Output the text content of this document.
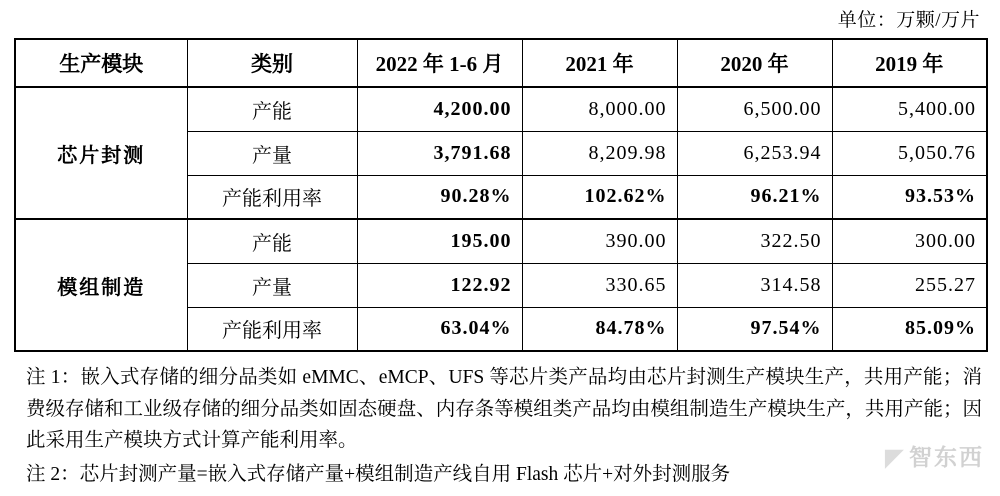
单位：万颗/万片
生产模块	类别	2022 年 1-6 月	2021 年	2020 年	2019 年
芯片封测	产能	4,200.00	8,000.00	6,500.00	5,400.00
	产量	3,791.68	8,209.98	6,253.94	5,050.76
	产能利用率	90.28%	102.62%	96.21%	93.53%
模组制造	产能	195.00	390.00	322.50	300.00
	产量	122.92	330.65	314.58	255.27
	产能利用率	63.04%	84.78%	97.54%	85.09%

注 1：嵌入式存储的细分品类如 eMMC、eMCP、UFS 等芯片类产品均由芯片封测生产模块生产，共用产能；消费级存储和工业级存储的细分品类如固态硬盘、内存条等模组类产品均由模组制造生产模块生产，共用产能；因此采用生产模块方式计算产能利用率。

注 2：芯片封测产量=嵌入式存储产量+模组制造产线自用 Flash 芯片+对外封测服务

◤ 智东西
